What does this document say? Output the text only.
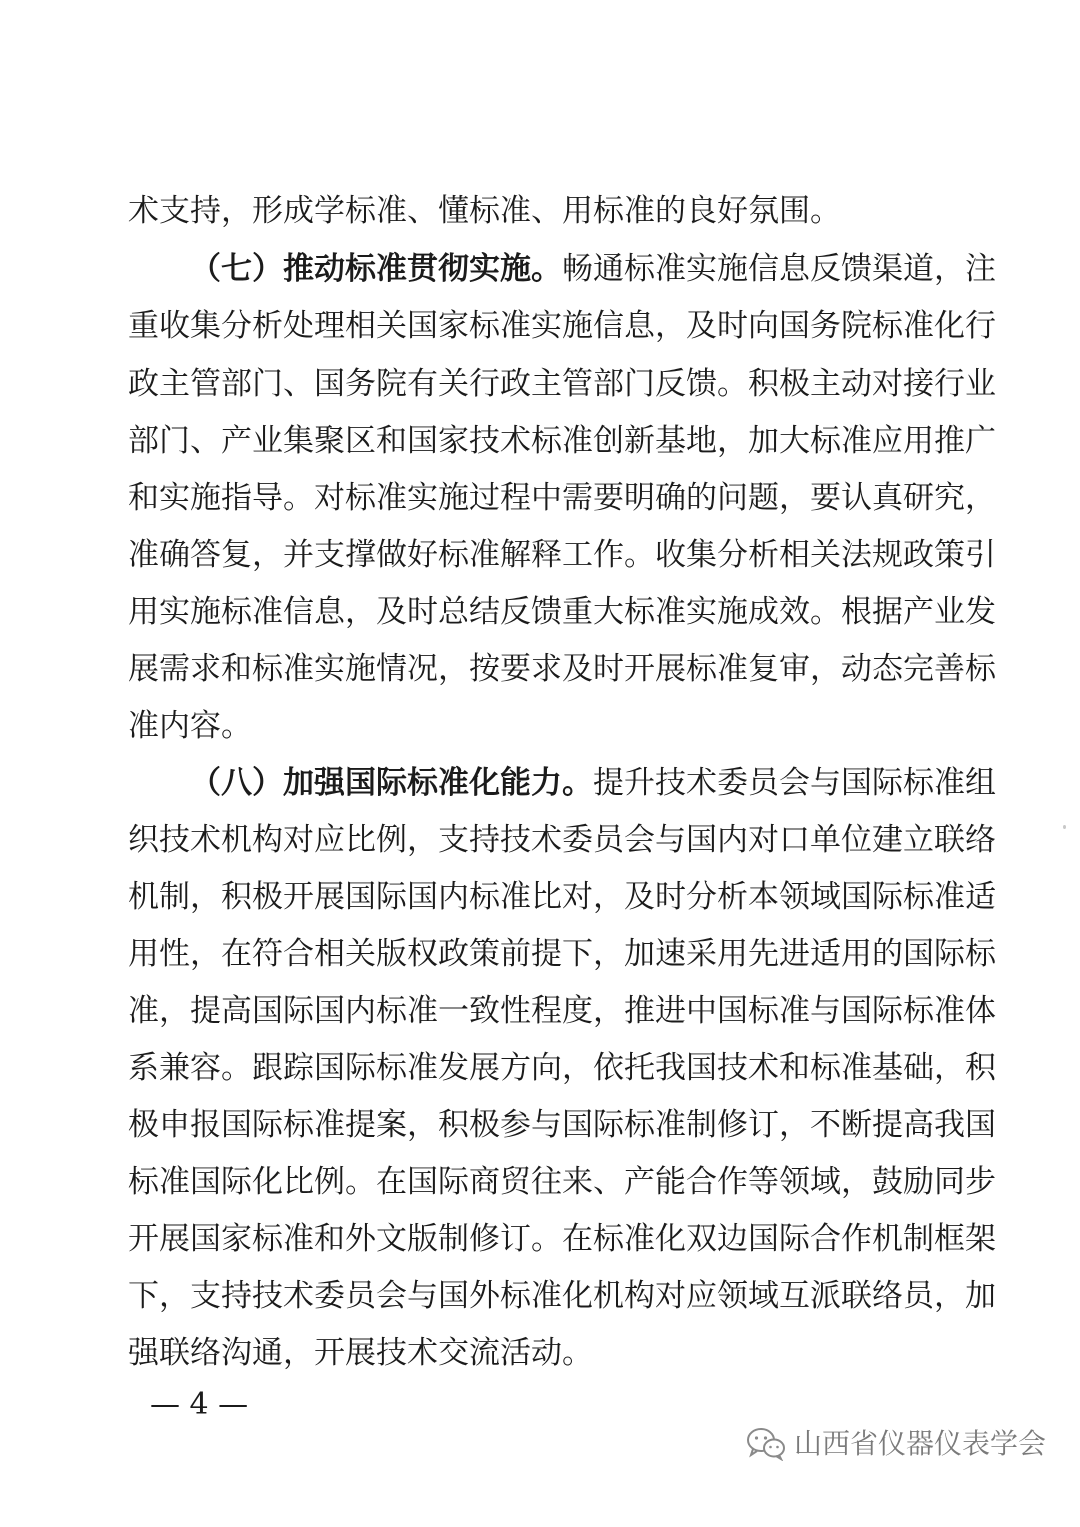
术支持，形成学标准、懂标准、用标准的良好氛围。
（七）推动标准贯彻实施。畅通标准实施信息反馈渠道，注
重收集分析处理相关国家标准实施信息，及时向国务院标准化行
政主管部门、国务院有关行政主管部门反馈。积极主动对接行业
部门、产业集聚区和国家技术标准创新基地，加大标准应用推广
和实施指导。对标准实施过程中需要明确的问题，要认真研究，
准确答复，并支撑做好标准解释工作。收集分析相关法规政策引
用实施标准信息，及时总结反馈重大标准实施成效。根据产业发
展需求和标准实施情况，按要求及时开展标准复审，动态完善标
准内容。
（八）加强国际标准化能力。提升技术委员会与国际标准组
织技术机构对应比例，支持技术委员会与国内对口单位建立联络
机制，积极开展国际国内标准比对，及时分析本领域国际标准适
用性，在符合相关版权政策前提下，加速采用先进适用的国际标
准，提高国际国内标准一致性程度，推进中国标准与国际标准体
系兼容。跟踪国际标准发展方向，依托我国技术和标准基础，积
极申报国际标准提案，积极参与国际标准制修订，不断提高我国
标准国际化比例。在国际商贸往来、产能合作等领域，鼓励同步
开展国家标准和外文版制修订。在标准化双边国际合作机制框架
下，支持技术委员会与国外标准化机构对应领域互派联络员，加
强联络沟通，开展技术交流活动。
— 4 —
山西省仪器仪表学会
